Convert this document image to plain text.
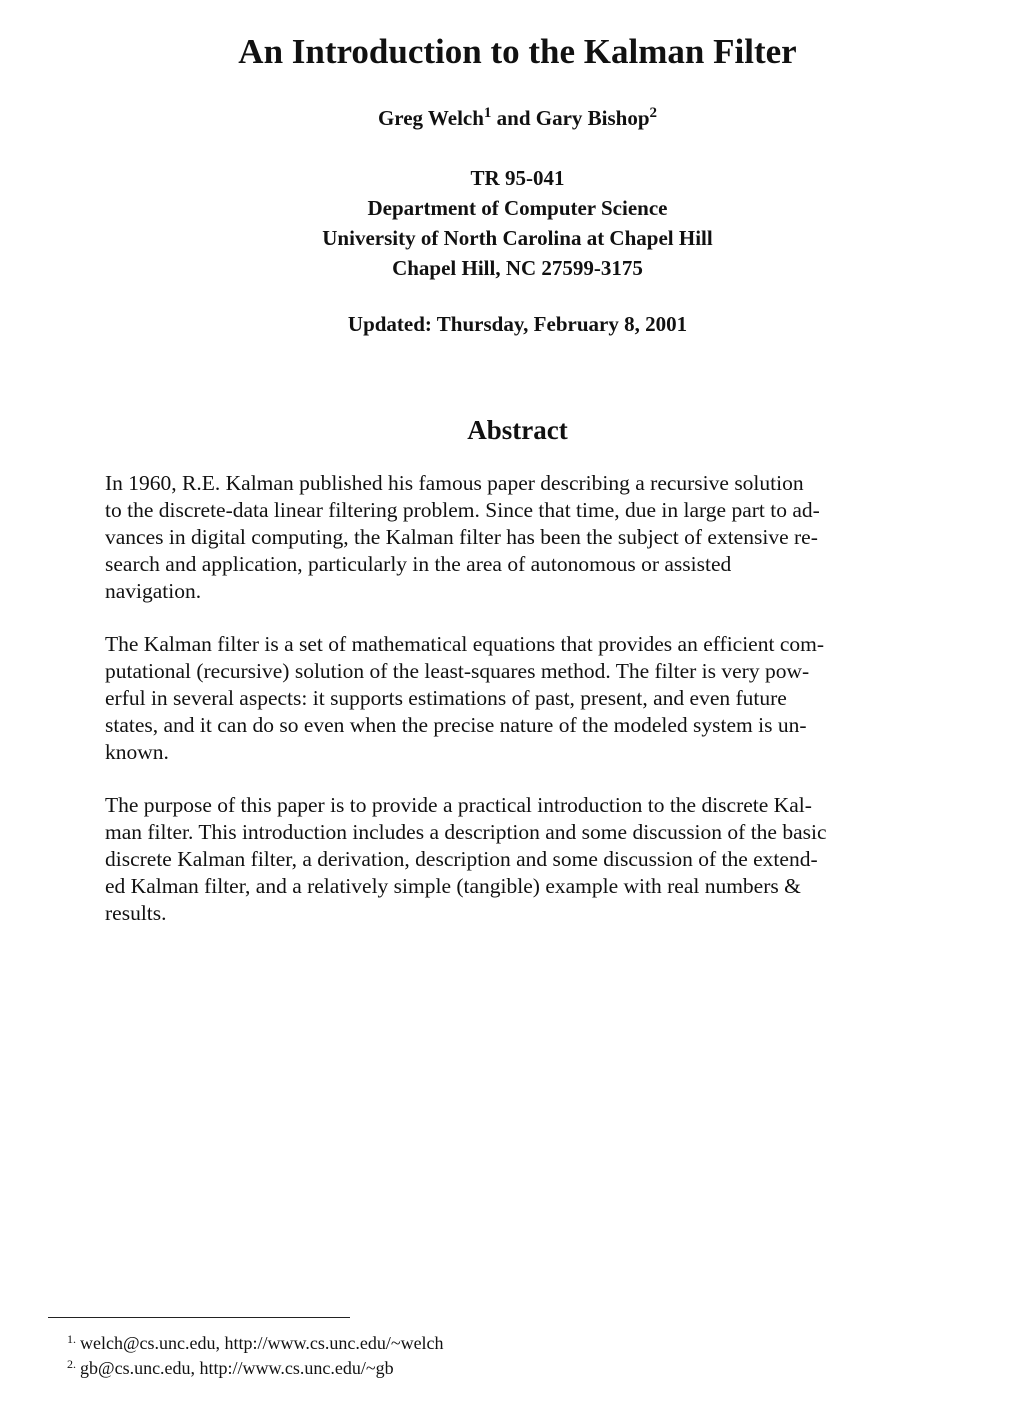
An Introduction to the Kalman Filter
Greg Welch$^1$ and Gary Bishop$^2$
TR 95-041
Department of Computer Science
University of North Carolina at Chapel Hill
Chapel Hill, NC 27599-3175
Updated: Thursday, February 8, 2001
Abstract

In 1960, R.E. Kalman published his famous paper describing a recursive solution
to the discrete-data linear filtering problem. Since that time, due in large part to ad-
vances in digital computing, the Kalman filter has been the subject of extensive re-
search and application, particularly in the area of autonomous or assisted
navigation.

The Kalman filter is a set of mathematical equations that provides an efficient com-
putational (recursive) solution of the least-squares method. The filter is very pow-
erful in several aspects: it supports estimations of past, present, and even future
states, and it can do so even when the precise nature of the modeled system is un-
known.

The purpose of this paper is to provide a practical introduction to the discrete Kal-
man filter. This introduction includes a description and some discussion of the basic
discrete Kalman filter, a derivation, description and some discussion of the extend-
ed Kalman filter, and a relatively simple (tangible) example with real numbers &
results.

$^{1.}$ welch@cs.unc.edu, http://www.cs.unc.edu/~welch
$^{2.}$ gb@cs.unc.edu, http://www.cs.unc.edu/~gb
